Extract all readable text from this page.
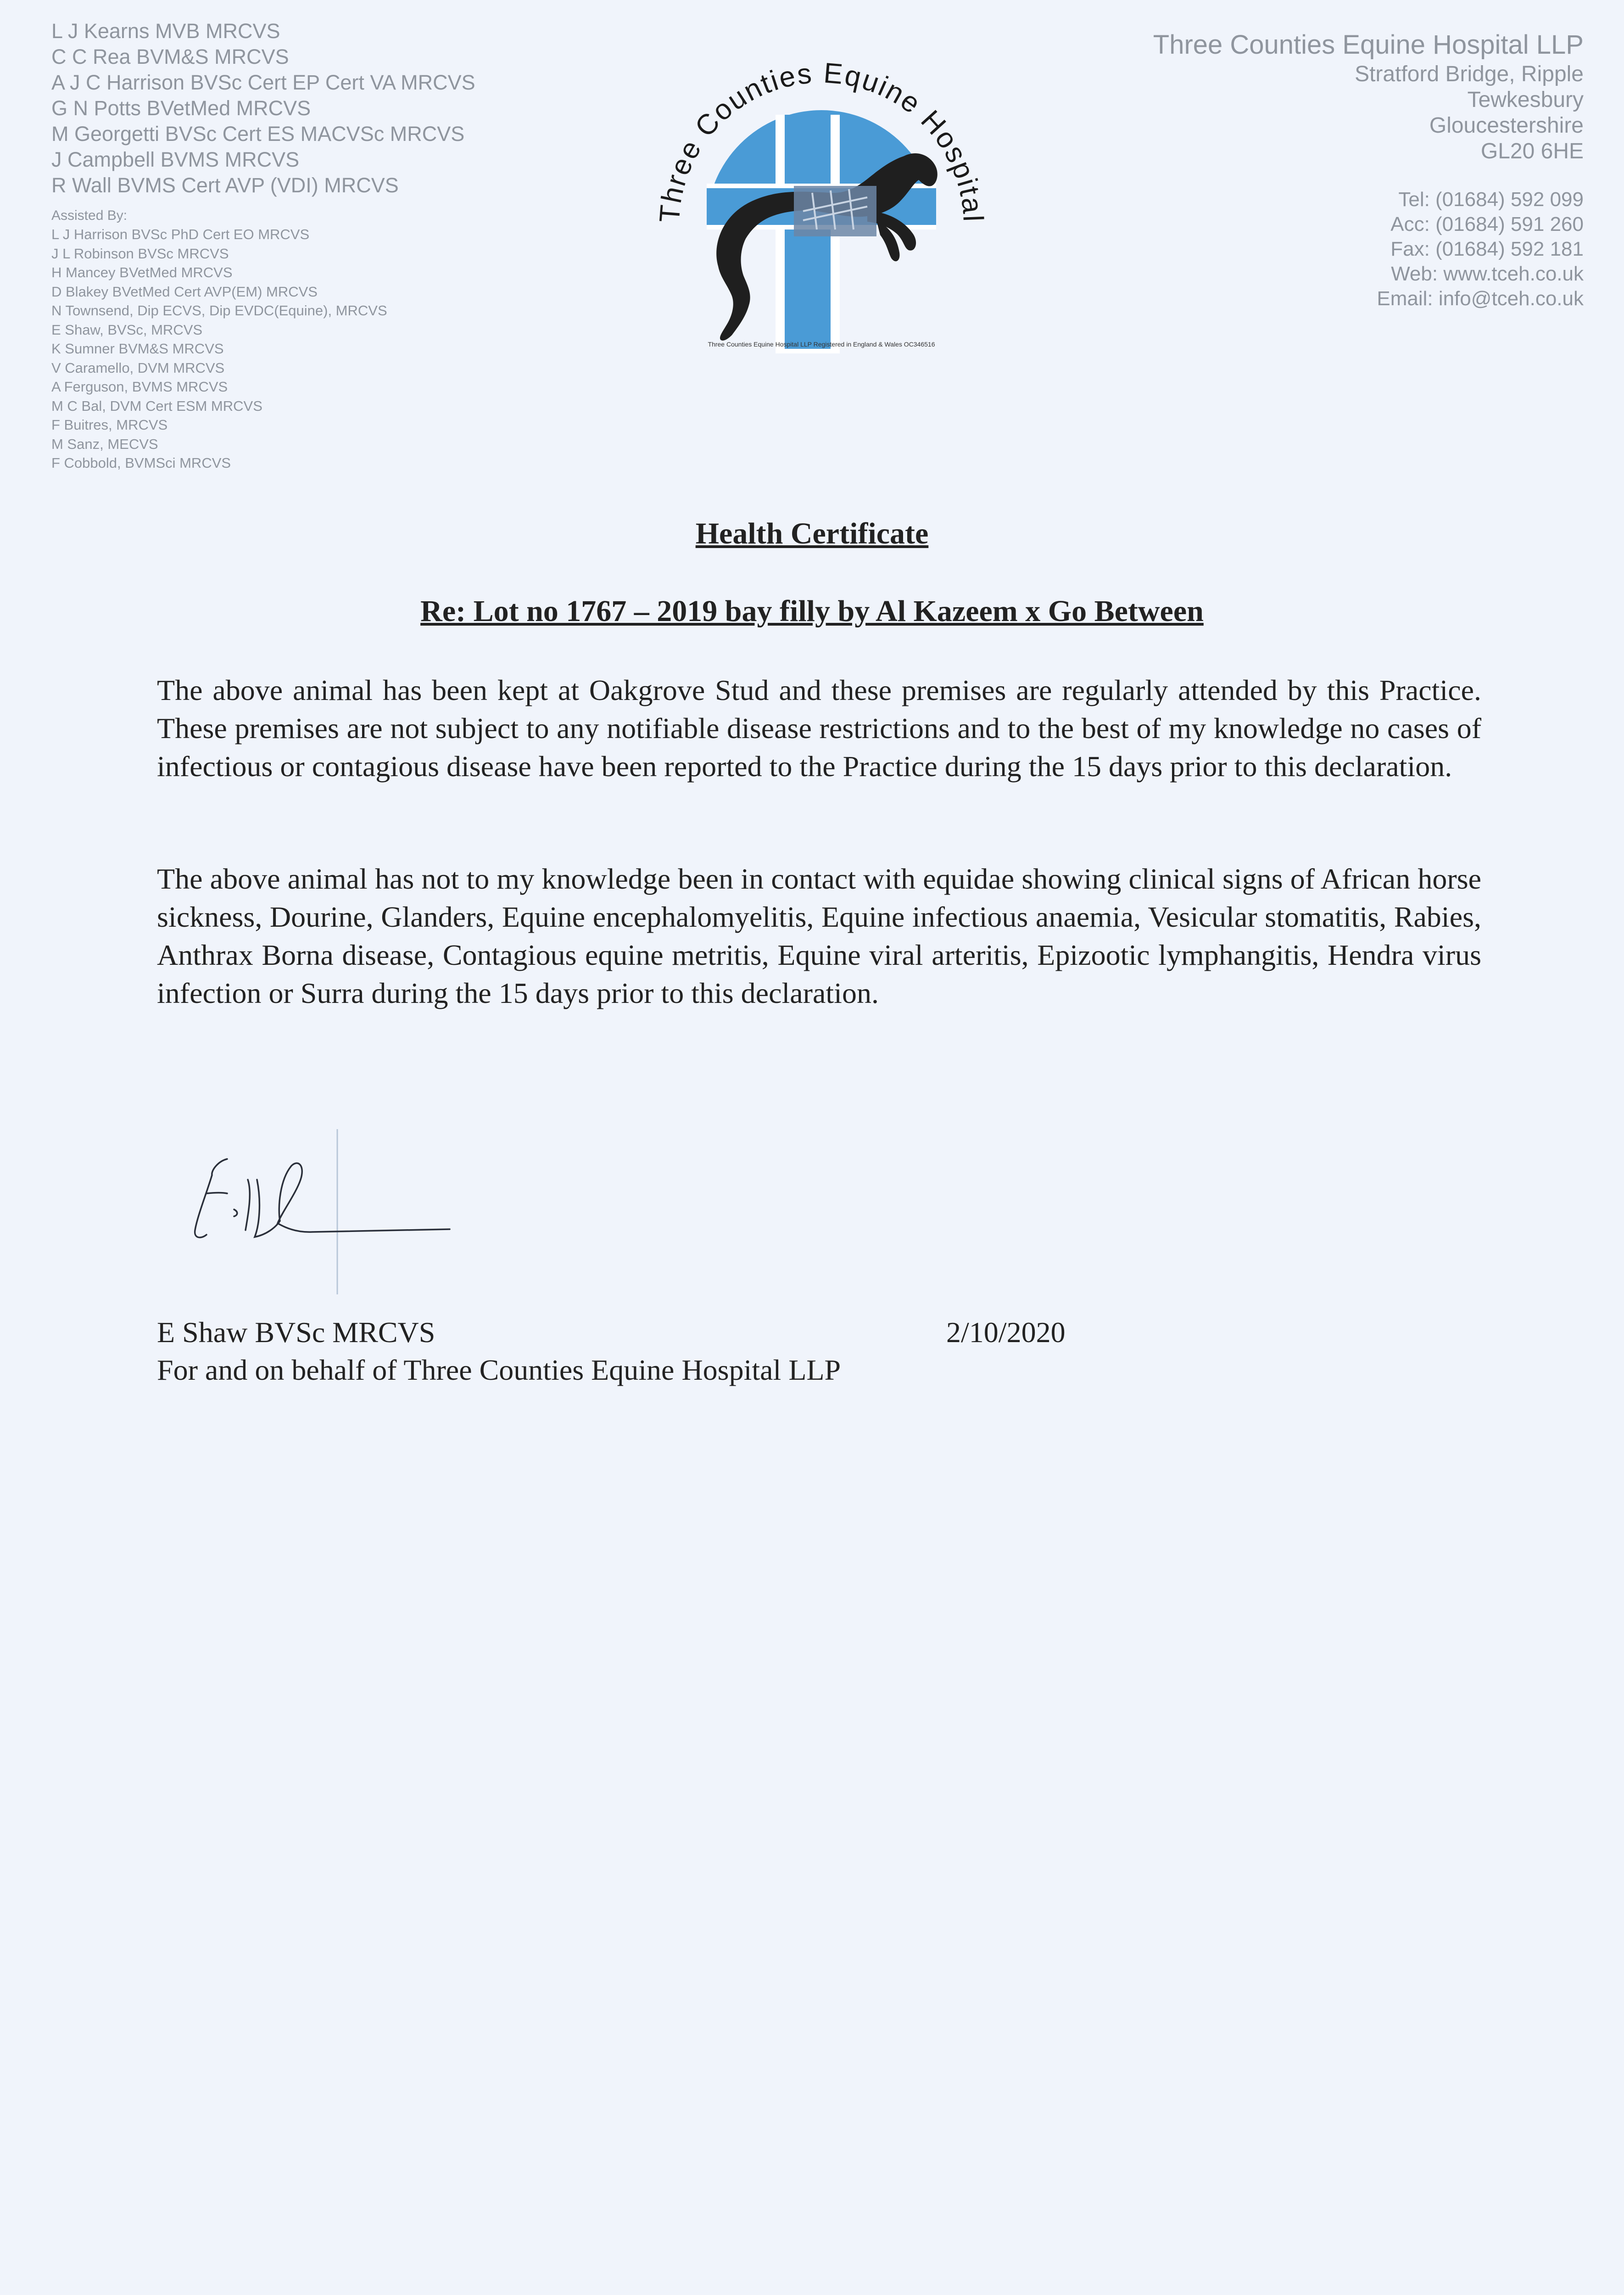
L J Kearns MVB MRCVS
C C Rea BVM&S MRCVS
A J C Harrison BVSc Cert EP Cert VA MRCVS
G N Potts BVetMed MRCVS
M Georgetti BVSc Cert ES MACVSc MRCVS
J Campbell BVMS MRCVS
R Wall BVMS Cert AVP (VDI) MRCVS
Assisted By:
L J Harrison BVSc PhD Cert EO MRCVS
J L Robinson BVSc MRCVS
H Mancey BVetMed MRCVS
D Blakey BVetMed Cert AVP(EM) MRCVS
N Townsend, Dip ECVS, Dip EVDC(Equine), MRCVS
E Shaw, BVSc, MRCVS
K Sumner BVM&S MRCVS
V Caramello, DVM MRCVS
A Ferguson, BVMS MRCVS
M C Bal, DVM Cert ESM MRCVS
F Buitres, MRCVS
M Sanz, MECVS
F Cobbold, BVMSci MRCVS
Three Counties Equine Hospital LLP
Stratford Bridge, Ripple
Tewkesbury
Gloucestershire
GL20 6HE
Tel: (01684) 592 099
Acc: (01684) 591 260
Fax: (01684) 592 181
Web: www.tceh.co.uk
Email: info@tceh.co.uk
Three Counties Equine Hospital
Three Counties Equine Hospital LLP Registered in England & Wales OC346516
Health Certificate
Re: Lot no 1767 – 2019 bay filly by Al Kazeem x Go Between

The above animal has been kept at Oakgrove Stud and these premises are regularly attended by this Practice. These premises are not subject to any notifiable disease restrictions and to the best of my knowledge no cases of infectious or contagious disease have been reported to the Practice during the 15 days prior to this declaration.

The above animal has not to my knowledge been in contact with equidae showing clinical signs of African horse sickness, Dourine, Glanders, Equine encephalomyelitis, Equine infectious anaemia, Vesicular stomatitis, Rabies, Anthrax Borna disease, Contagious equine metritis, Equine viral arteritis, Epizootic lymphangitis, Hendra virus infection or Surra during the 15 days prior to this declaration.

E Shaw BVSc MRCVS
For and on behalf of Three Counties Equine Hospital LLP
2/10/2020
